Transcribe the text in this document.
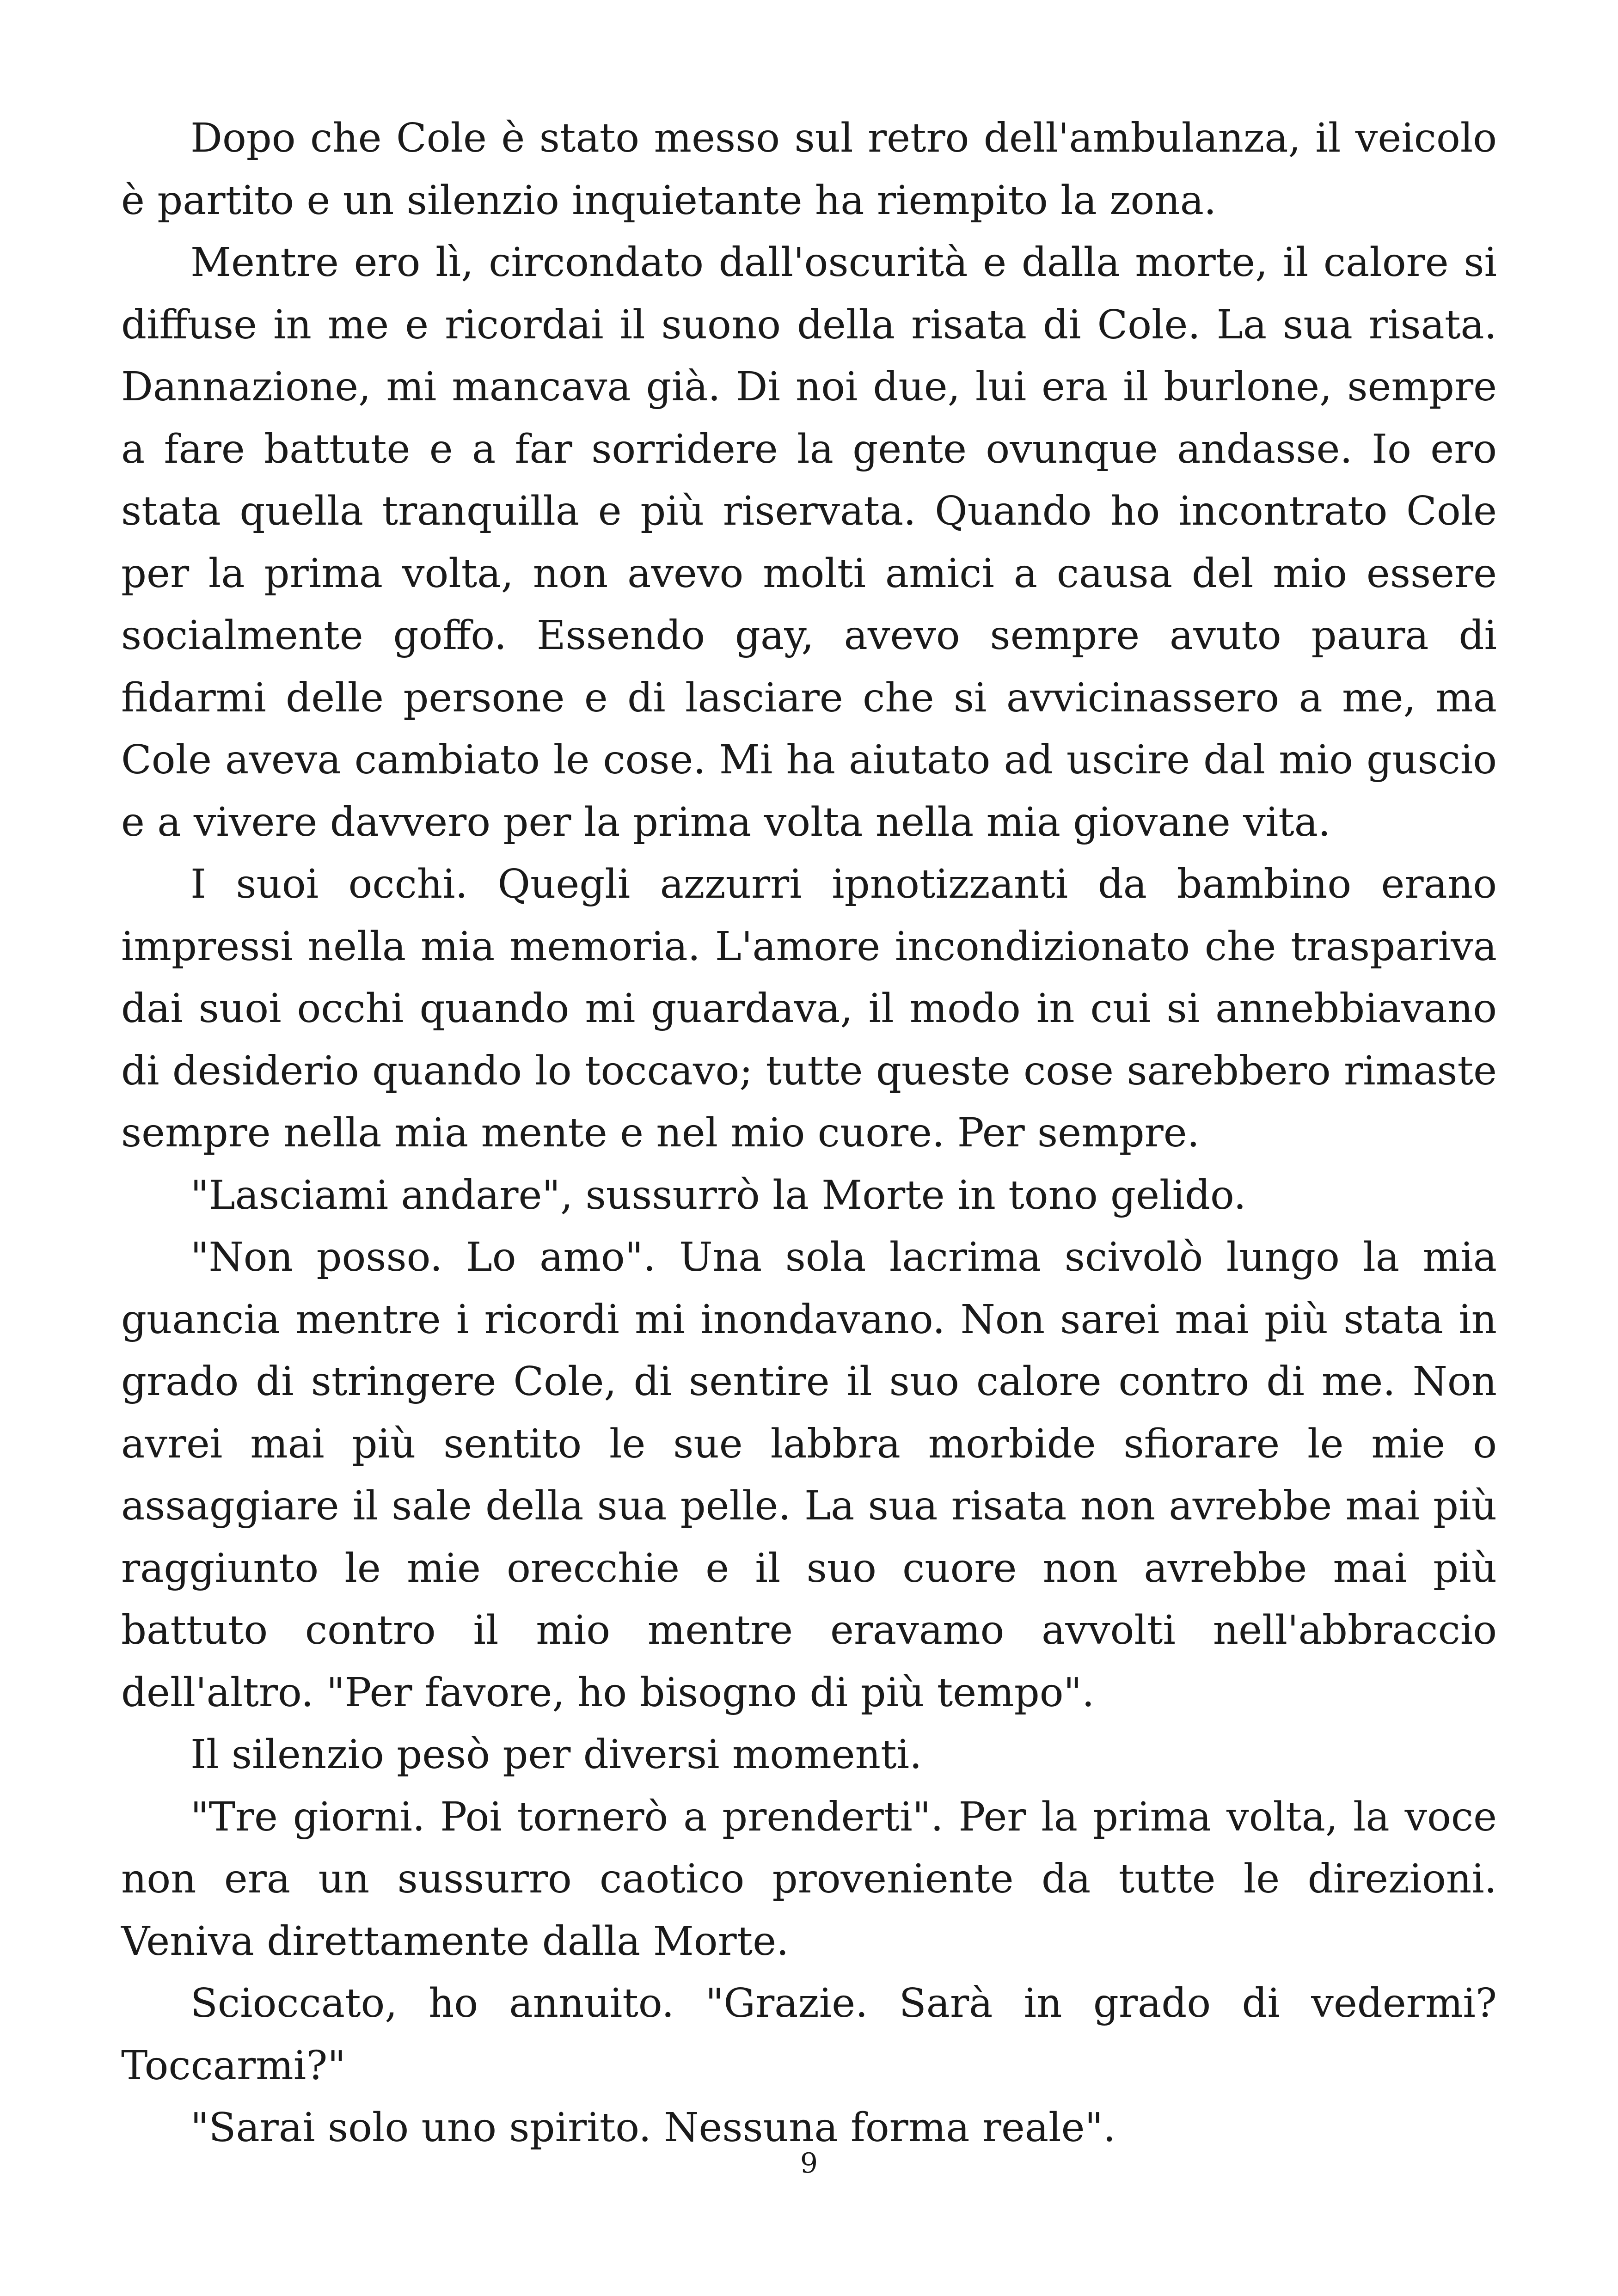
Dopo che Cole è stato messo sul retro dell'ambulanza, il veicolo è partito e un silenzio inquietante ha riempito la zona.

Mentre ero lì, circondato dall'oscurità e dalla morte, il calore si diffuse in me e ricordai il suono della risata di Cole. La sua risata. Dannazione, mi mancava già. Di noi due, lui era il burlone, sempre a fare battute e a far sorridere la gente ovunque andasse. Io ero stata quella tranquilla e più riservata. Quando ho incontrato Cole per la prima volta, non avevo molti amici a causa del mio essere socialmente goffo. Essendo gay, avevo sempre avuto paura di fidarmi delle persone e di lasciare che si avvicinassero a me, ma Cole aveva cambiato le cose. Mi ha aiutato ad uscire dal mio guscio e a vivere davvero per la prima volta nella mia giovane vita.

I suoi occhi. Quegli azzurri ipnotizzanti da bambino erano impressi nella mia memoria. L'amore incondizionato che traspariva dai suoi occhi quando mi guardava, il modo in cui si annebbiavano di desiderio quando lo toccavo; tutte queste cose sarebbero rimaste sempre nella mia mente e nel mio cuore. Per sempre.

"Lasciami andare", sussurrò la Morte in tono gelido.

"Non posso. Lo amo". Una sola lacrima scivolò lungo la mia guancia mentre i ricordi mi inondavano. Non sarei mai più stata in grado di stringere Cole, di sentire il suo calore contro di me. Non avrei mai più sentito le sue labbra morbide sfiorare le mie o assaggiare il sale della sua pelle. La sua risata non avrebbe mai più raggiunto le mie orecchie e il suo cuore non avrebbe mai più battuto contro il mio mentre eravamo avvolti nell'abbraccio dell'altro. "Per favore, ho bisogno di più tempo".

Il silenzio pesò per diversi momenti.

"Tre giorni. Poi tornerò a prenderti". Per la prima volta, la voce non era un sussurro caotico proveniente da tutte le direzioni. Veniva direttamente dalla Morte.

Scioccato, ho annuito. "Grazie. Sarà in grado di vedermi? Toccarmi?"

"Sarai solo uno spirito. Nessuna forma reale".

9
